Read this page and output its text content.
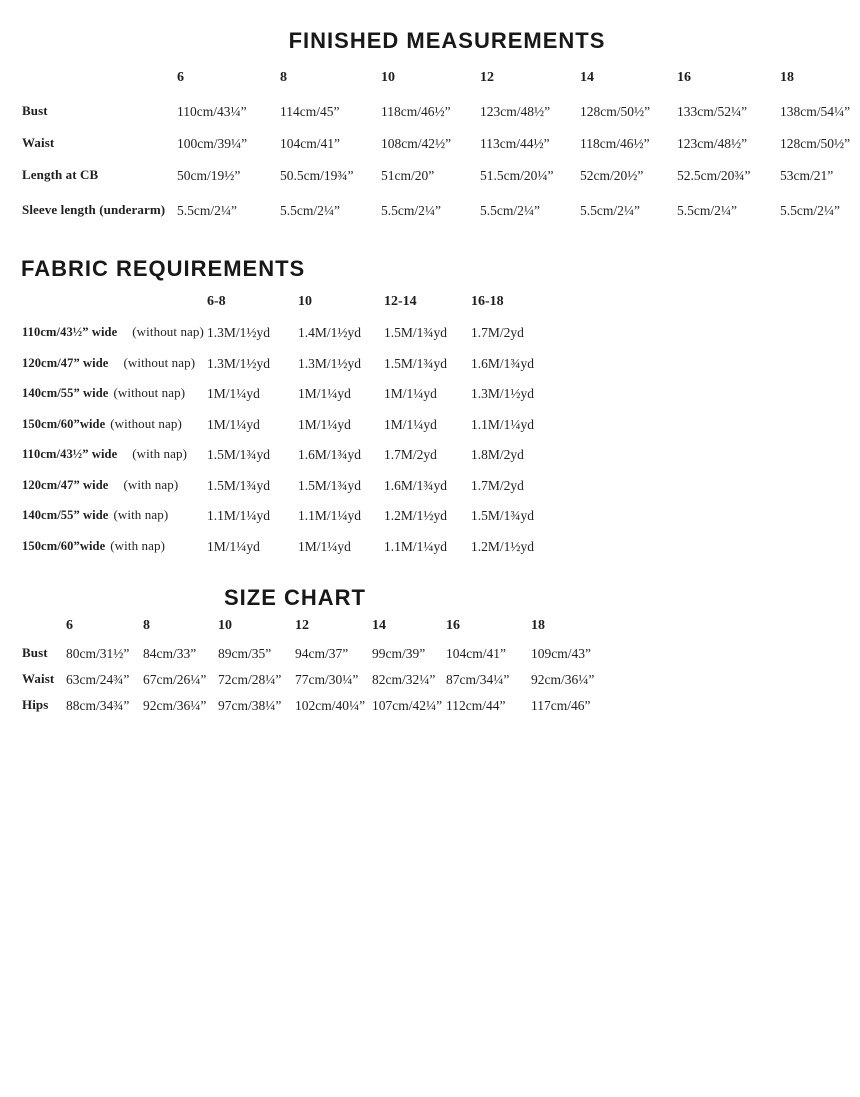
FINISHED MEASUREMENTS
6	8	10	12	14	16	18
Bust	110cm/43¼”	114cm/45”	118cm/46½”	123cm/48½”	128cm/50½”	133cm/52¼”	138cm/54¼”
Waist	100cm/39¼”	104cm/41”	108cm/42½”	113cm/44½”	118cm/46½”	123cm/48½”	128cm/50½”
Length at CB	50cm/19½”	50.5cm/19¾”	51cm/20”	51.5cm/20¼”	52cm/20½”	52.5cm/20¾”	53cm/21”
Sleeve length (underarm) 5.5cm/2¼”	5.5cm/2¼”	5.5cm/2¼”	5.5cm/2¼”	5.5cm/2¼”	5.5cm/2¼”	5.5cm/2¼”
FABRIC REQUIREMENTS
6-8	10	12-14	16-18
110cm/43½” wide (without nap) 1.3M/1½yd	1.4M/1½yd	1.5M/1¾yd	1.7M/2yd
120cm/47” wide (without nap) 1.3M/1½yd	1.3M/1½yd	1.5M/1¾yd	1.6M/1¾yd
140cm/55” wide (without nap)	1M/1¼yd	1M/1¼yd	1M/1¼yd	1.3M/1½yd
150cm/60”wide (without nap)	1M/1¼yd	1M/1¼yd	1M/1¼yd	1.1M/1¼yd
110cm/43½” wide (with nap)	1.5M/1¾yd	1.6M/1¾yd	1.7M/2yd	1.8M/2yd
120cm/47” wide (with nap)	1.5M/1¾yd	1.5M/1¾yd	1.6M/1¾yd	1.7M/2yd
140cm/55” wide (with nap)	1.1M/1¼yd	1.1M/1¼yd	1.2M/1½yd	1.5M/1¾yd
150cm/60”wide (with nap)	1M/1¼yd	1M/1¼yd	1.1M/1¼yd	1.2M/1½yd
SIZE CHART
6	8	10	12	14	16	18
Bust	80cm/31½”	84cm/33”	89cm/35”	94cm/37”	99cm/39”	104cm/41”	109cm/43”
Waist 63cm/24¾”	67cm/26¼” 72cm/28¼”	77cm/30¼”	82cm/32¼” 87cm/34¼”	92cm/36¼”
Hips	88cm/34¾”	92cm/36¼” 97cm/38¼”	102cm/40¼” 107cm/42¼” 112cm/44”	117cm/46”
